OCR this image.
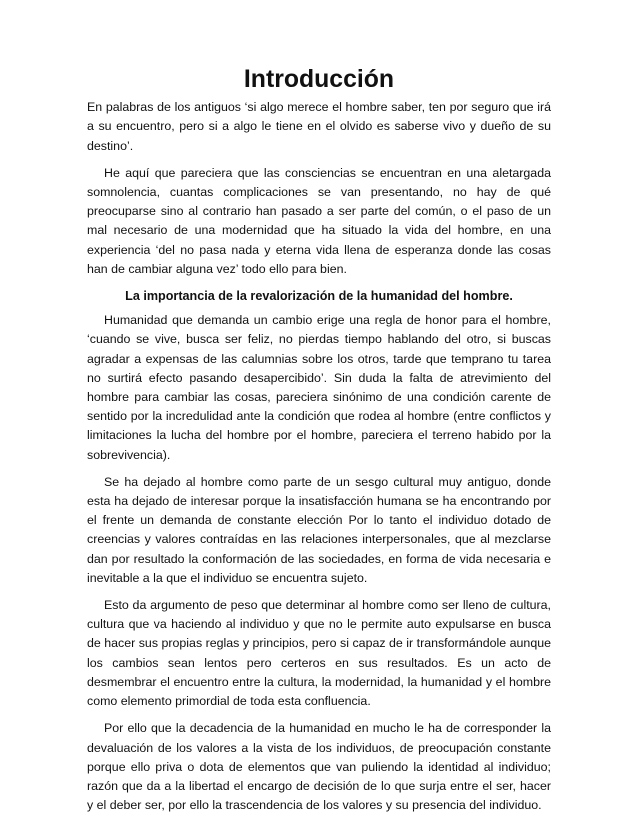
Introducción

En palabras de los antiguos ‘si algo merece el hombre saber, ten por seguro que irá a su encuentro, pero si a algo le tiene en el olvido es saberse vivo y dueño de su destino’.

He aquí que pareciera que las consciencias se encuentran en una aletargada somnolencia, cuantas complicaciones se van presentando, no hay de qué preocuparse sino al contrario han pasado a ser parte del común, o el paso de un mal necesario de una modernidad que ha situado la vida del hombre, en una experiencia ‘del no pasa nada y eterna vida llena de esperanza donde las cosas han de cambiar alguna vez’ todo ello para bien.

La importancia de la revalorización de la humanidad del hombre.

Humanidad que demanda un cambio erige una regla de honor para el hombre, ‘cuando se vive, busca ser feliz, no pierdas tiempo hablando del otro, si buscas agradar a expensas de las calumnias sobre los otros, tarde que temprano tu tarea no surtirá efecto pasando desapercibido’. Sin duda la falta de atrevimiento del hombre para cambiar las cosas, pareciera sinónimo de una condición carente de sentido por la incredulidad ante la condición que rodea al hombre (entre conflictos y limitaciones la lucha del hombre por el hombre, pareciera el terreno habido por la sobrevivencia).

Se ha dejado al hombre como parte de un sesgo cultural muy antiguo, donde esta ha dejado de interesar porque la insatisfacción humana se ha encontrando por el frente un demanda de constante elección Por lo tanto el individuo dotado de creencias y valores contraídas en las relaciones interpersonales, que al mezclarse dan por resultado la conformación de las sociedades, en forma de vida necesaria e inevitable a la que el individuo se encuentra sujeto.

Esto da argumento de peso que determinar al hombre como ser lleno de cultura, cultura que va haciendo al individuo y que no le permite auto expulsarse en busca de hacer sus propias reglas y principios, pero si capaz de ir transformándole aunque los cambios sean lentos pero certeros en sus resultados. Es un acto de desmembrar el encuentro entre la cultura, la modernidad, la humanidad y el hombre como elemento primordial de toda esta confluencia.

Por ello que la decadencia de la humanidad en mucho le ha de corresponder la devaluación de los valores a la vista de los individuos, de preocupación constante porque ello priva o dota de elementos que van puliendo la identidad al individuo; razón que da a la libertad el encargo de decisión de lo que surja entre el ser, hacer y el deber ser, por ello la trascendencia de los valores y su presencia del individuo.
